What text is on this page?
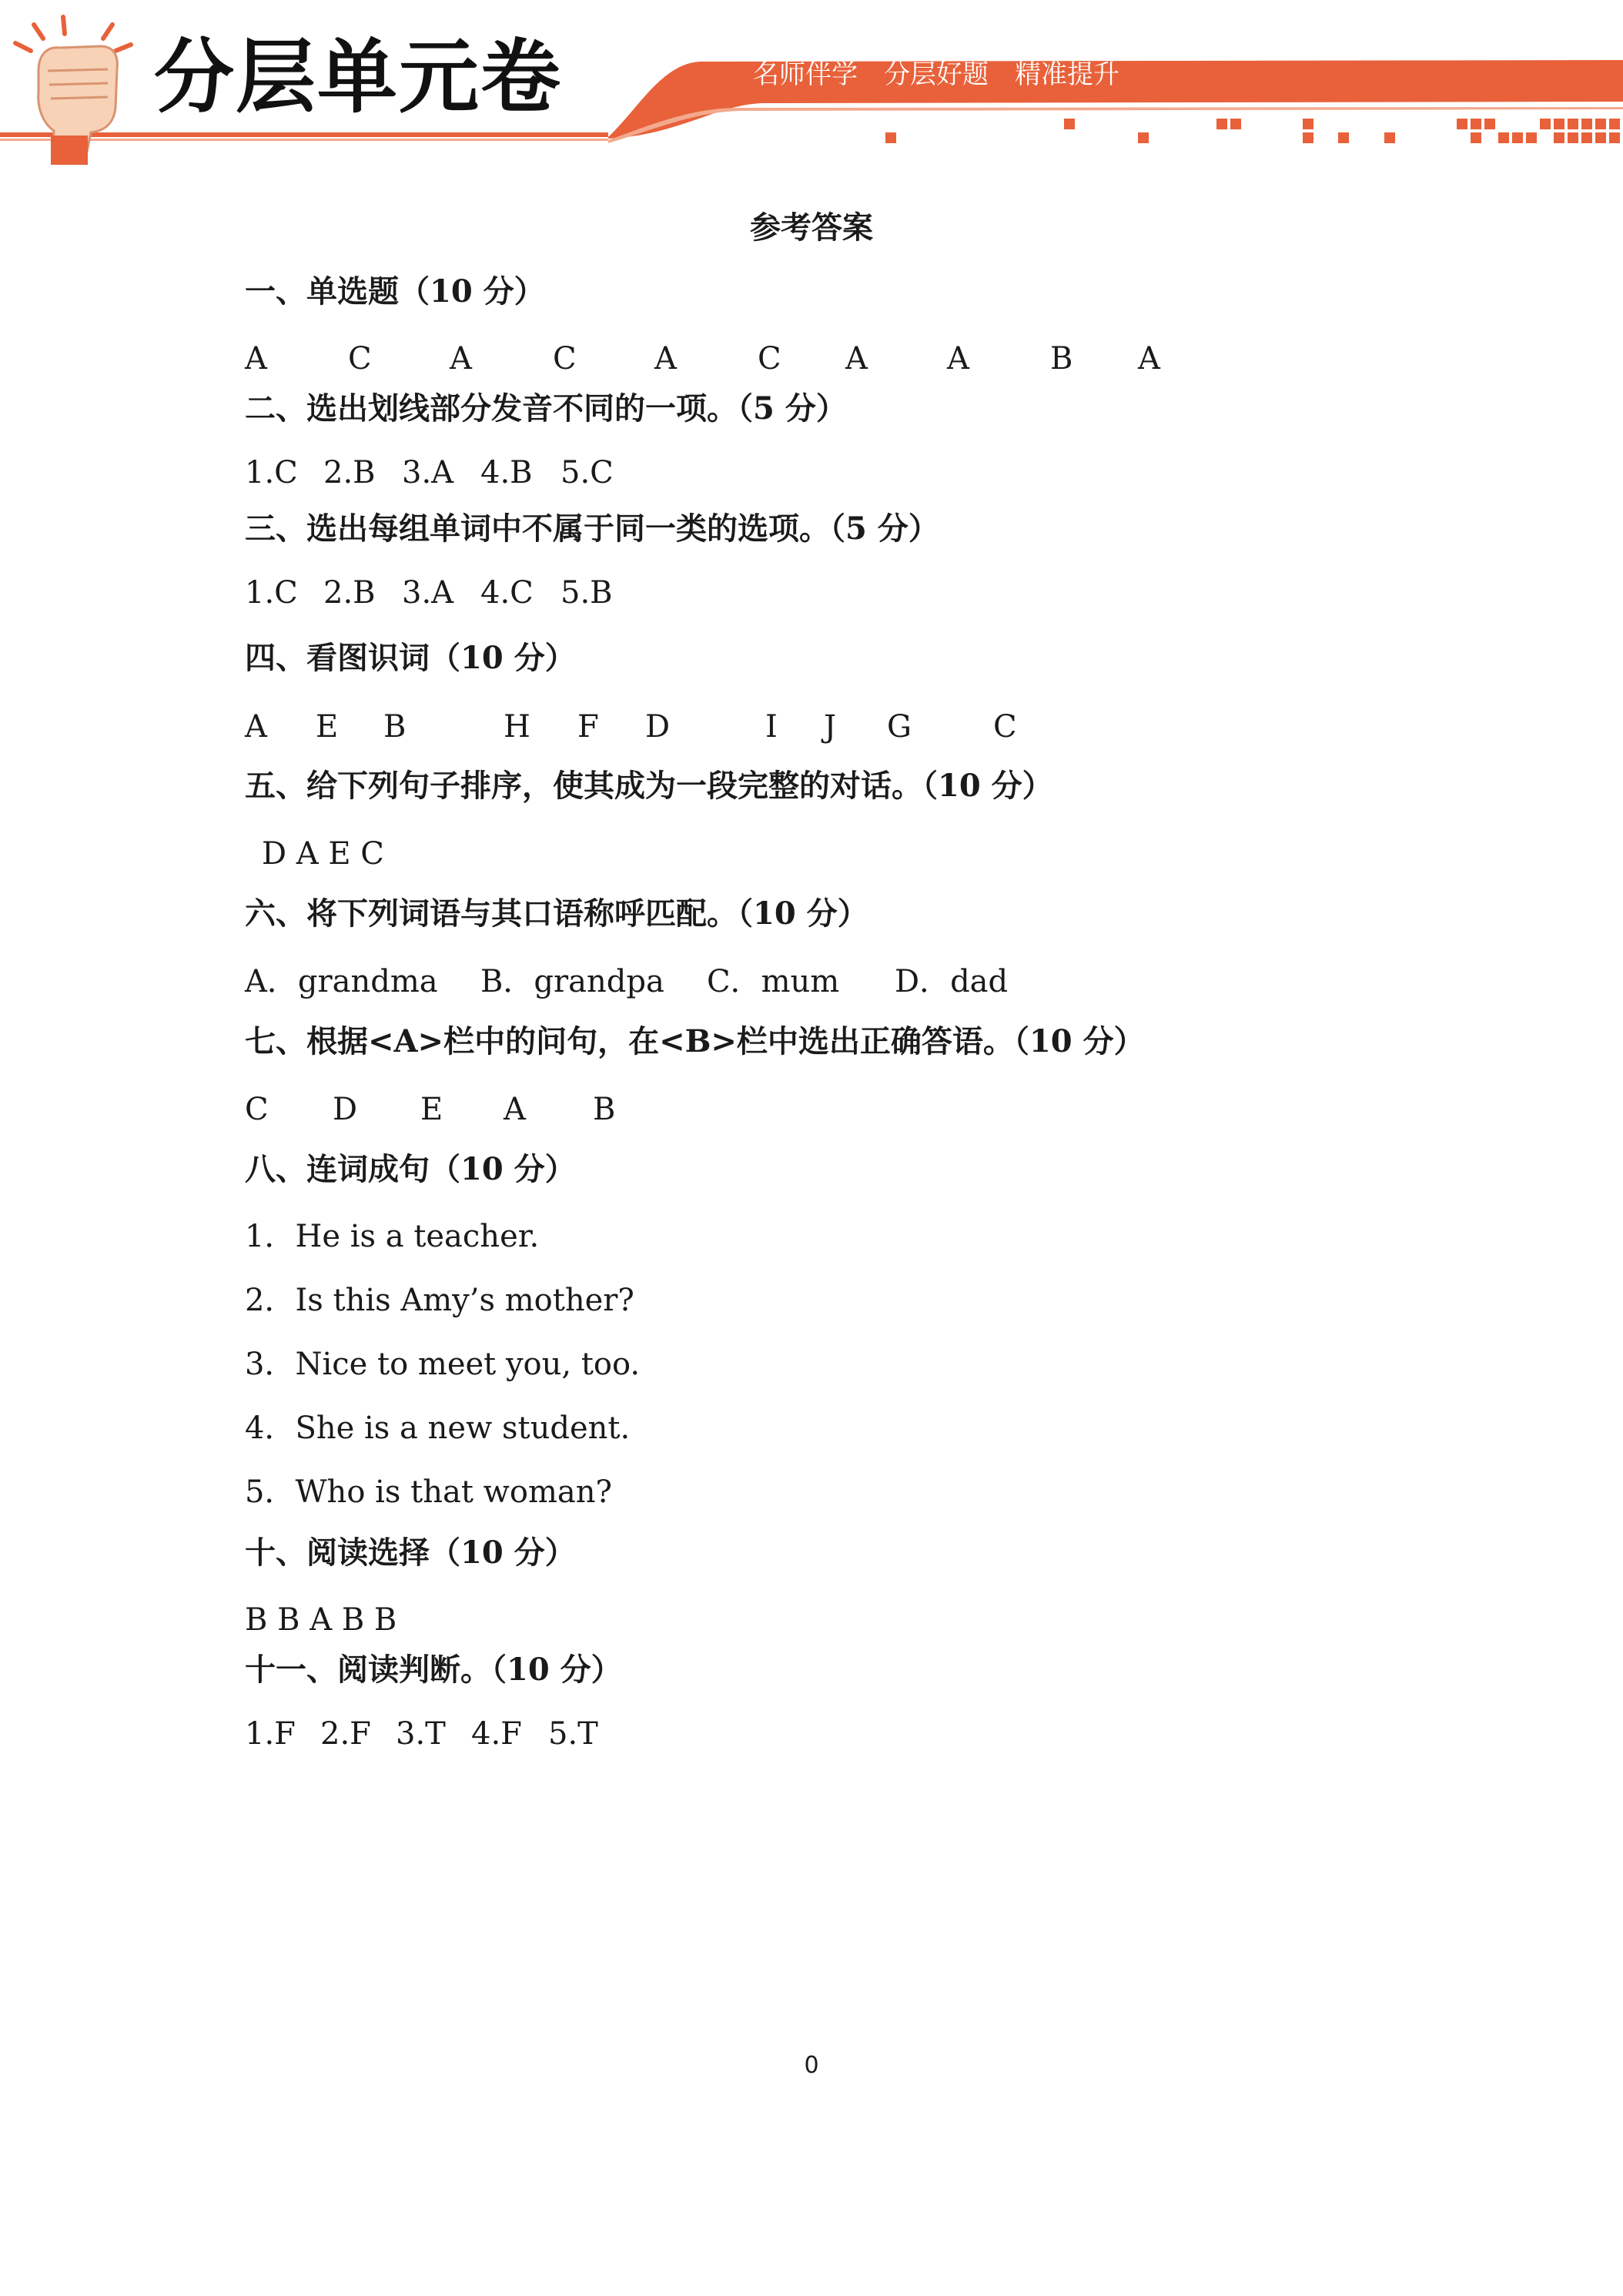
分层单元卷	名师伴学 分层好题 精准提升
参考答案
一、单选题（10 分）
A	C	A	C	A	C A	A	B A
二、选出划线部分发音不同的一项。（5 分）
1.C 2.B 3.A 4.B 5.C
三、选出每组单词中不属于同一类的选项。（5 分）
1.C 2.B 3.A 4.C 5.B
四、看图识词（10 分）
A E B	H F D	I J G	C
五、给下列句子排序，使其成为一段完整的对话。（10 分）
D A E C
六、将下列词语与其口语称呼匹配。（10 分）
A．grandma B．grandpa C．mum D．dad
七、根据<A>栏中的问句，在<B>栏中选出正确答语。（10 分）
C D E A B
八、连词成句（10 分）
1．He is a teacher.
2．Is this Amy’s mother?
3．Nice to meet you, too.
4．She is a new student.
5．Who is that woman?
十、阅读选择（10 分）
B B A B B
十一、阅读判断。（10 分）
1.F 2.F 3.T 4.F 5.T
0
